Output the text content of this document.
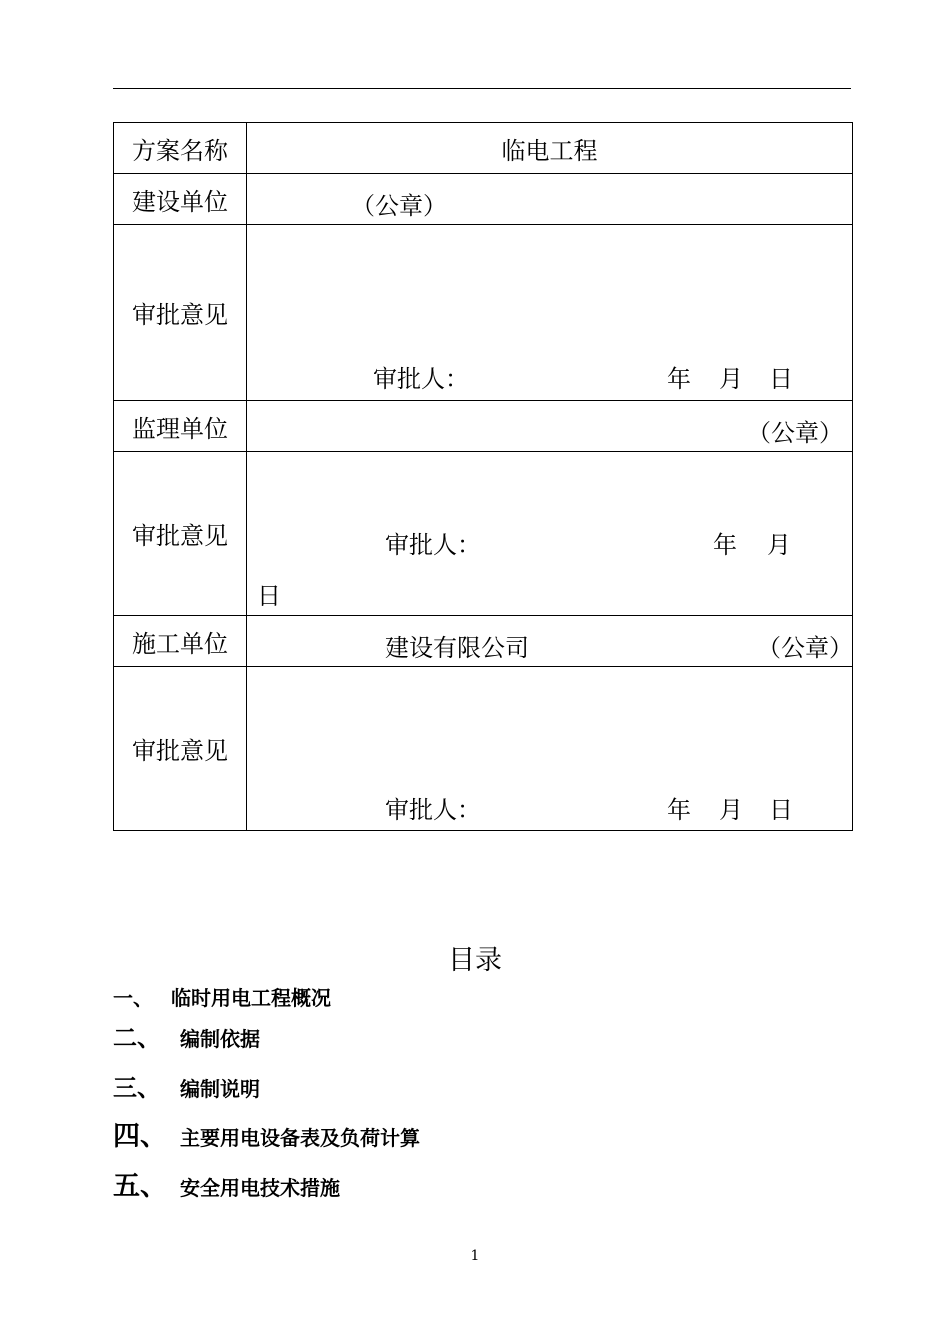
方案名称	临电工程
建设单位	（公章）

审批意见	审批人： 年 月 日

监理单位	（公章）

审批意见	审批人： 年 月
日

施工单位	建设有限公司 （公章）

审批意见	审批人： 年 月 日
目录
一、 临时用电工程概况
二、 编制依据
三、 编制说明
四、 主要用电设备表及负荷计算
五、 安全用电技术措施
1
